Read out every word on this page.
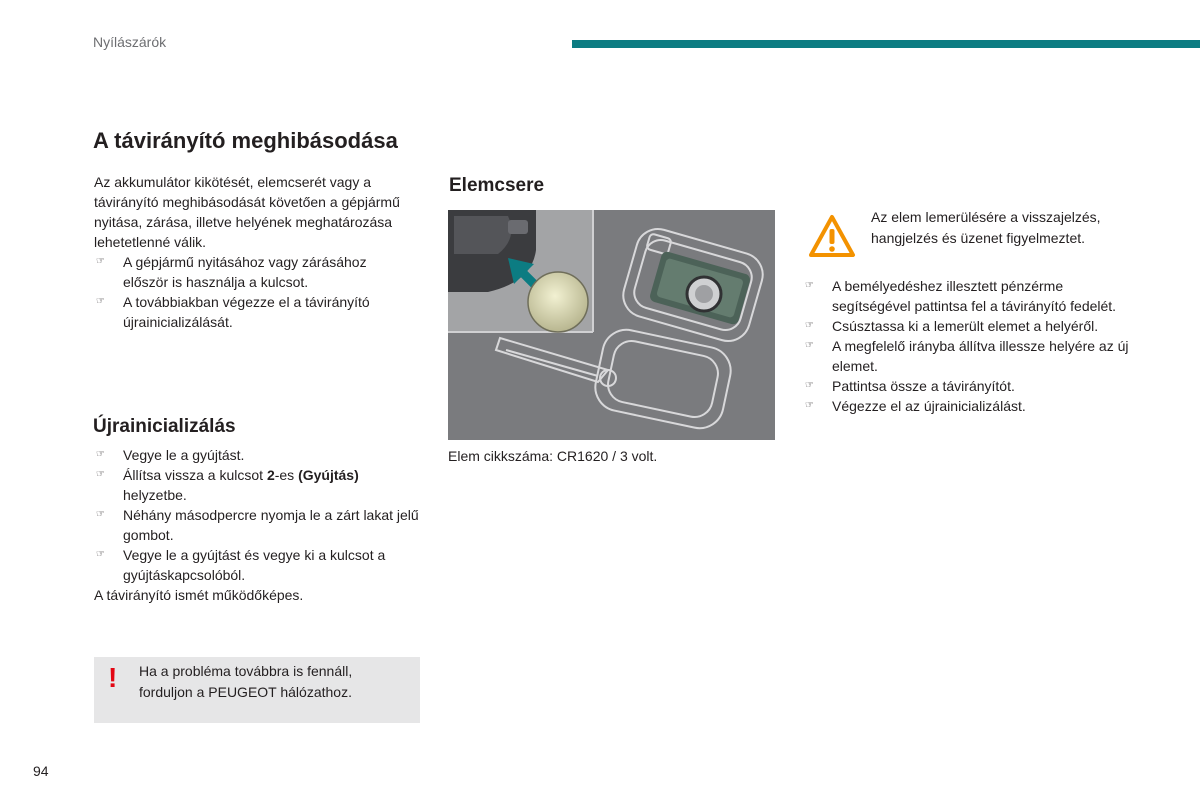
Nyílászárók
A távirányító meghibásodása
Az akkumulátor kikötését, elemcserét vagy a távirányító meghibásodását követően a gépjármű nyitása, zárása, illetve helyének meghatározása lehetetlenné válik.
☞ A gépjármű nyitásához vagy zárásához először is használja a kulcsot.
☞ A továbbiakban végezze el a távirányító újrainicializálását.
Újrainicializálás
☞ Vegye le a gyújtást.
☞ Állítsa vissza a kulcsot 2-es (Gyújtás) helyzetbe.
☞ Néhány másodpercre nyomja le a zárt lakat jelű gombot.
☞ Vegye le a gyújtást és vegye ki a kulcsot a gyújtáskapcsolóból.
A távirányító ismét működőképes.
! Ha a probléma továbbra is fennáll, forduljon a PEUGEOT hálózathoz.
Elemcsere
Elem cikkszáma: CR1620 / 3 volt.
Az elem lemerülésére a visszajelzés, hangjelzés és üzenet figyelmeztet.
☞ A bemélyedéshez illesztett pénzérme segítségével pattintsa fel a távirányító fedelét.
☞ Csúsztassa ki a lemerült elemet a helyéről.
☞ A megfelelő irányba állítva illessze helyére az új elemet.
☞ Pattintsa össze a távirányítót.
☞ Végezze el az újrainicializálást.
94
